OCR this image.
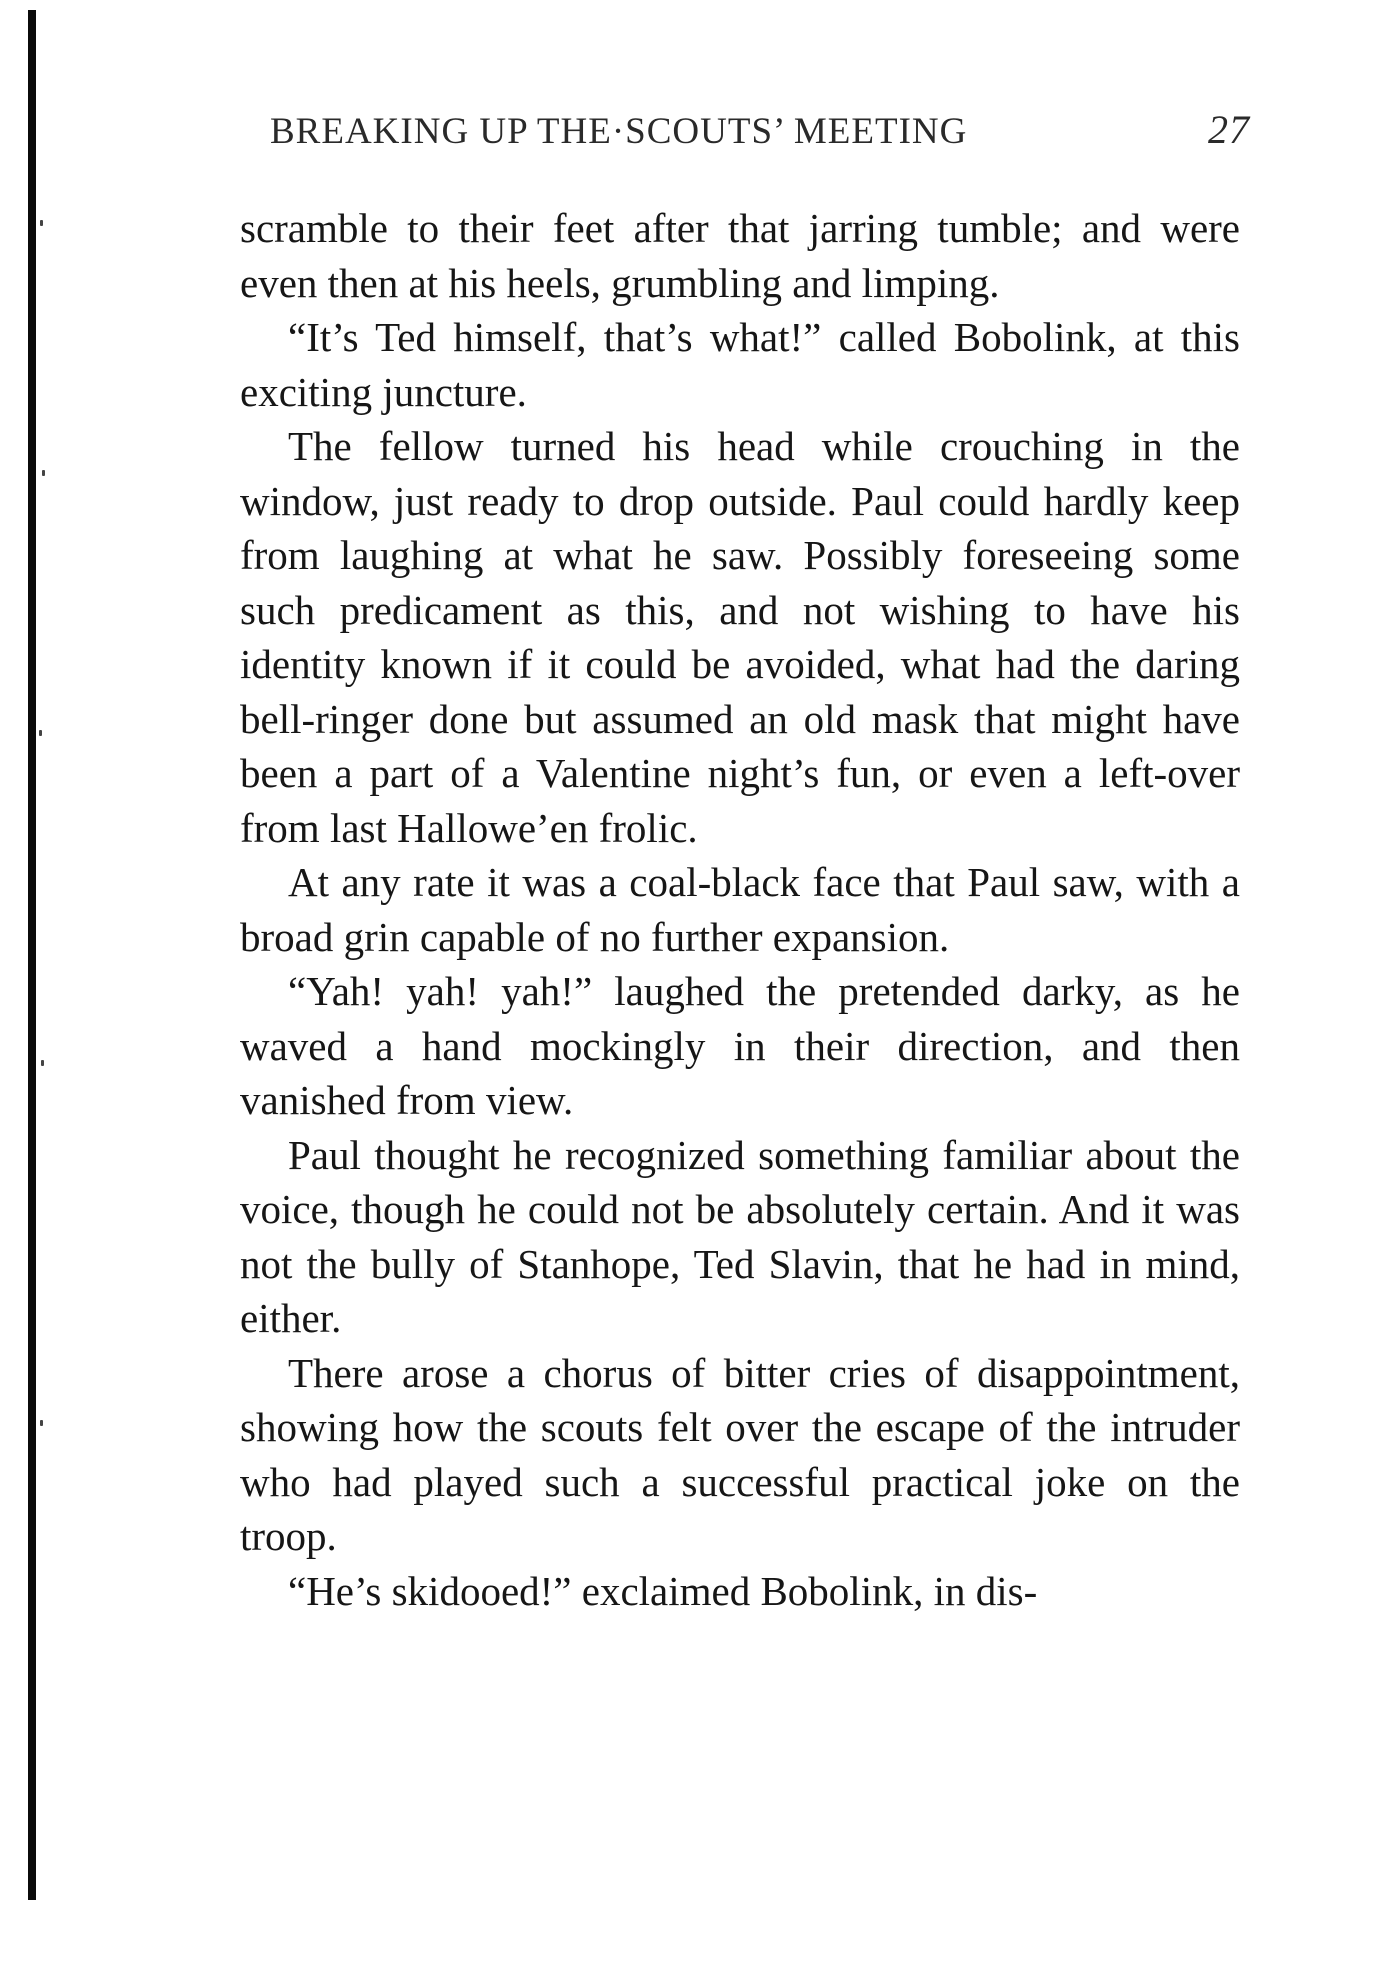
BREAKING UP THE·SCOUTS’ MEETING	27

scramble to their feet after that jarring tumble; and were even then at his heels, grumbling and limping.

“It’s Ted himself, that’s what!” called Bobolink, at this exciting juncture.

The fellow turned his head while crouching in the window, just ready to drop outside. Paul could hardly keep from laughing at what he saw. Possibly foreseeing some such predicament as this, and not wishing to have his identity known if it could be avoided, what had the daring bell-ringer done but assumed an old mask that might have been a part of a Valentine night’s fun, or even a left-over from last Hallowe’en frolic.

At any rate it was a coal-black face that Paul saw, with a broad grin capable of no further expansion.

“Yah! yah! yah!” laughed the pretended darky, as he waved a hand mockingly in their direction, and then vanished from view.

Paul thought he recognized something familiar about the voice, though he could not be absolutely certain. And it was not the bully of Stanhope, Ted Slavin, that he had in mind, either.

There arose a chorus of bitter cries of disappointment, showing how the scouts felt over the escape of the intruder who had played such a successful practical joke on the troop.

“He’s skidooed!” exclaimed Bobolink, in dis-
